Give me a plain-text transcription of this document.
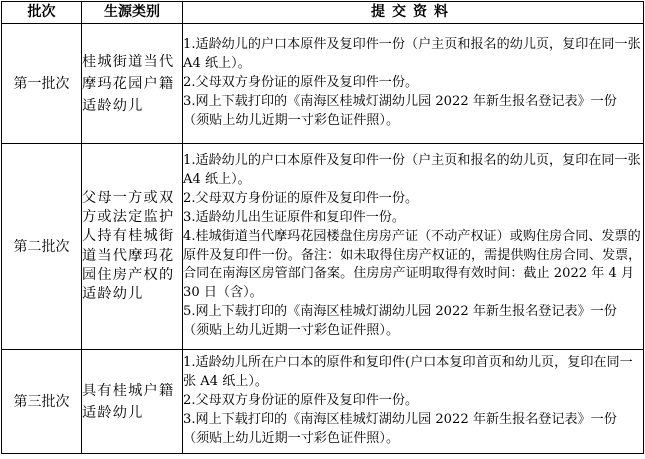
批次	生源类别	提交资料
第一批次	桂城街道当代摩玛花园户籍适龄幼儿	1.适龄幼儿的户口本原件及复印件一份（户主页和报名的幼儿页，复印在同一张 A4 纸上）。
2.父母双方身份证的原件及复印件一份。
3.网上下载打印的《南海区桂城灯湖幼儿园 2022 年新生报名登记表》一份（须贴上幼儿近期一寸彩色证件照）。

第二批次	父母一方或双方或法定监护人持有桂城街道当代摩玛花园住房产权的适龄幼儿	1.适龄幼儿的户口本原件及复印件一份（户主页和报名的幼儿页，复印在同一张 A4 纸上）。
2.父母双方身份证的原件及复印件一份。
3.适龄幼儿出生证原件和复印件一份。
4.桂城街道当代摩玛花园楼盘住房房产证（不动产权证）或购住房合同、发票的原件及复印件一份。备注：如未取得住房产权证的，需提供购住房合同、发票，合同在南海区房管部门备案。住房房产证明取得有效时间：截止 2022 年 4 月 30 日（含）。
5.网上下载打印的《南海区桂城灯湖幼儿园 2022 年新生报名登记表》一份（须贴上幼儿近期一寸彩色证件照）。

第三批次	具有桂城户籍适龄幼儿	1.适龄幼儿所在户口本的原件和复印件(户口本复印首页和幼儿页，复印在同一张 A4 纸上）。
2.父母双方身份证的原件及复印件一份。
3.网上下载打印的《南海区桂城灯湖幼儿园 2022 年新生报名登记表》一份（须贴上幼儿近期一寸彩色证件照）。
